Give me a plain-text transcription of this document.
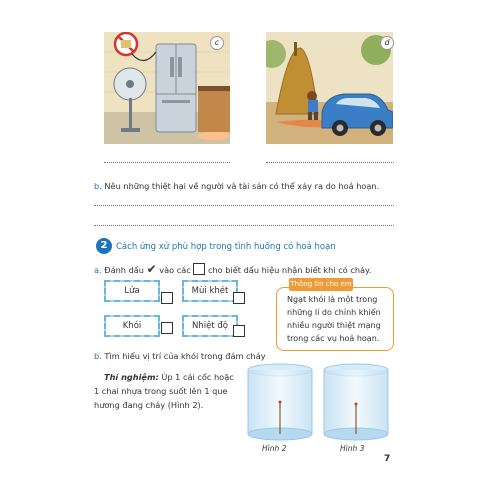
c	d
b. Nêu những thiệt hại về người và tài sản có thể xảy ra do hoả hoạn.
2	Cách ứng xử phù hợp trong tình huống có hoả hoạn
a. Đánh dấu ✔ vào các cho biết dấu hiệu nhận biết khi có cháy.
Lửa	Mùi khét
Khói	Nhiệt độ
Thông tin cho em
Ngạt khói là một trong
những lí do chính khiến
nhiều người thiệt mạng
trong các vụ hoả hoạn.
b. Tìm hiểu vị trí của khói trong đám cháy
Thí nghiệm: Úp 1 cái cốc hoặc
1 chai nhựa trong suốt lên 1 que
hương đang cháy (Hình 2).
Hình 2	Hình 3
7
